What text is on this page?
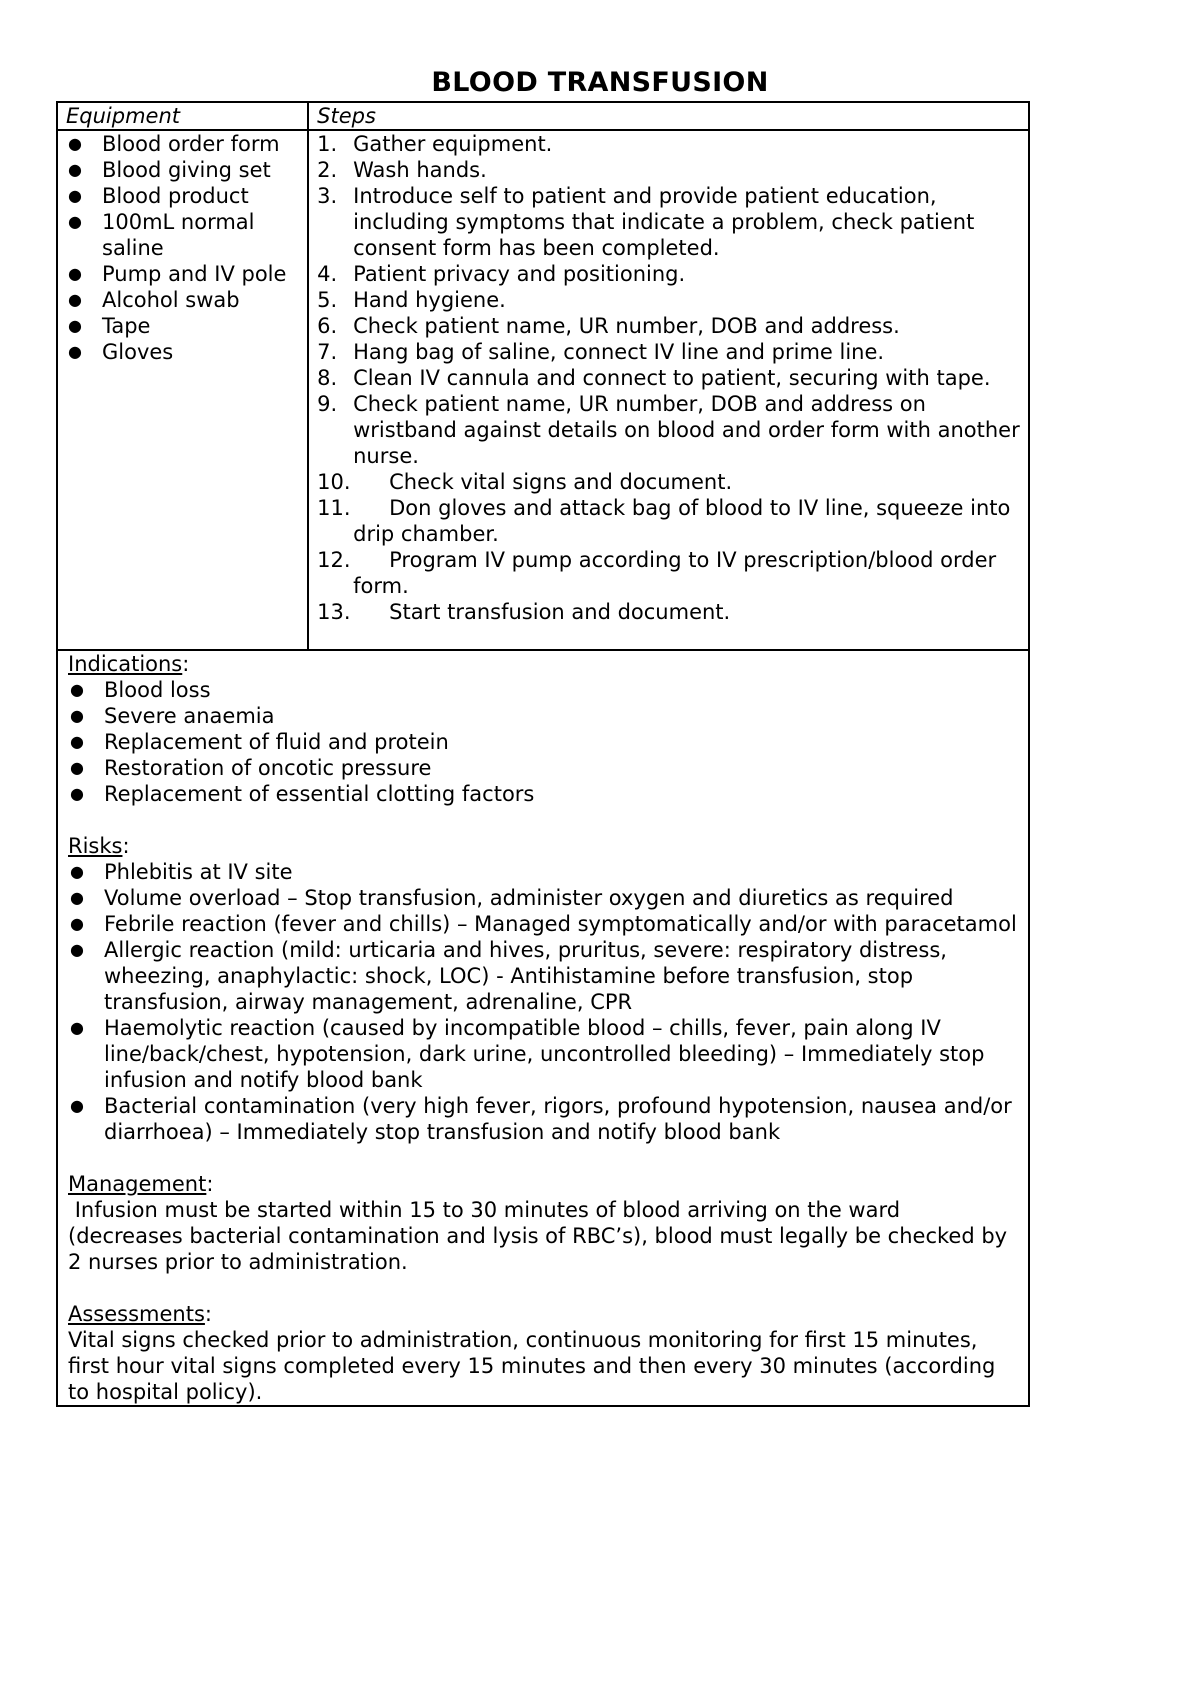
BLOOD TRANSFUSION
Equipment	Steps

● Blood order form
● Blood giving set
● Blood product
● 100mL normal saline
● Pump and IV pole
● Alcohol swab
● Tape
● Gloves

1. Gather equipment.
2. Wash hands.
3. Introduce self to patient and provide patient education, including symptoms that indicate a problem, check patient consent form has been completed.
4. Patient privacy and positioning.
5. Hand hygiene.
6. Check patient name, UR number, DOB and address.
7. Hang bag of saline, connect IV line and prime line.
8. Clean IV cannula and connect to patient, securing with tape.
9. Check patient name, UR number, DOB and address on wristband against details on blood and order form with another nurse.
10. Check vital signs and document.
11. Don gloves and attack bag of blood to IV line, squeeze into drip chamber.
12. Program IV pump according to IV prescription/blood order form.
13. Start transfusion and document.

Indications:
● Blood loss
● Severe anaemia
● Replacement of fluid and protein
● Restoration of oncotic pressure
● Replacement of essential clotting factors
Risks:
● Phlebitis at IV site
● Volume overload – Stop transfusion, administer oxygen and diuretics as required
● Febrile reaction (fever and chills) – Managed symptomatically and/or with paracetamol
● Allergic reaction (mild: urticaria and hives, pruritus, severe: respiratory distress, wheezing, anaphylactic: shock, LOC) - Antihistamine before transfusion, stop transfusion, airway management, adrenaline, CPR
● Haemolytic reaction (caused by incompatible blood – chills, fever, pain along IV line/back/chest, hypotension, dark urine, uncontrolled bleeding) – Immediately stop infusion and notify blood bank
● Bacterial contamination (very high fever, rigors, profound hypotension, nausea and/or diarrhoea) – Immediately stop transfusion and notify blood bank
Management:
Infusion must be started within 15 to 30 minutes of blood arriving on the ward (decreases bacterial contamination and lysis of RBC’s), blood must legally be checked by 2 nurses prior to administration.
Assessments:
Vital signs checked prior to administration, continuous monitoring for first 15 minutes, first hour vital signs completed every 15 minutes and then every 30 minutes (according to hospital policy).
